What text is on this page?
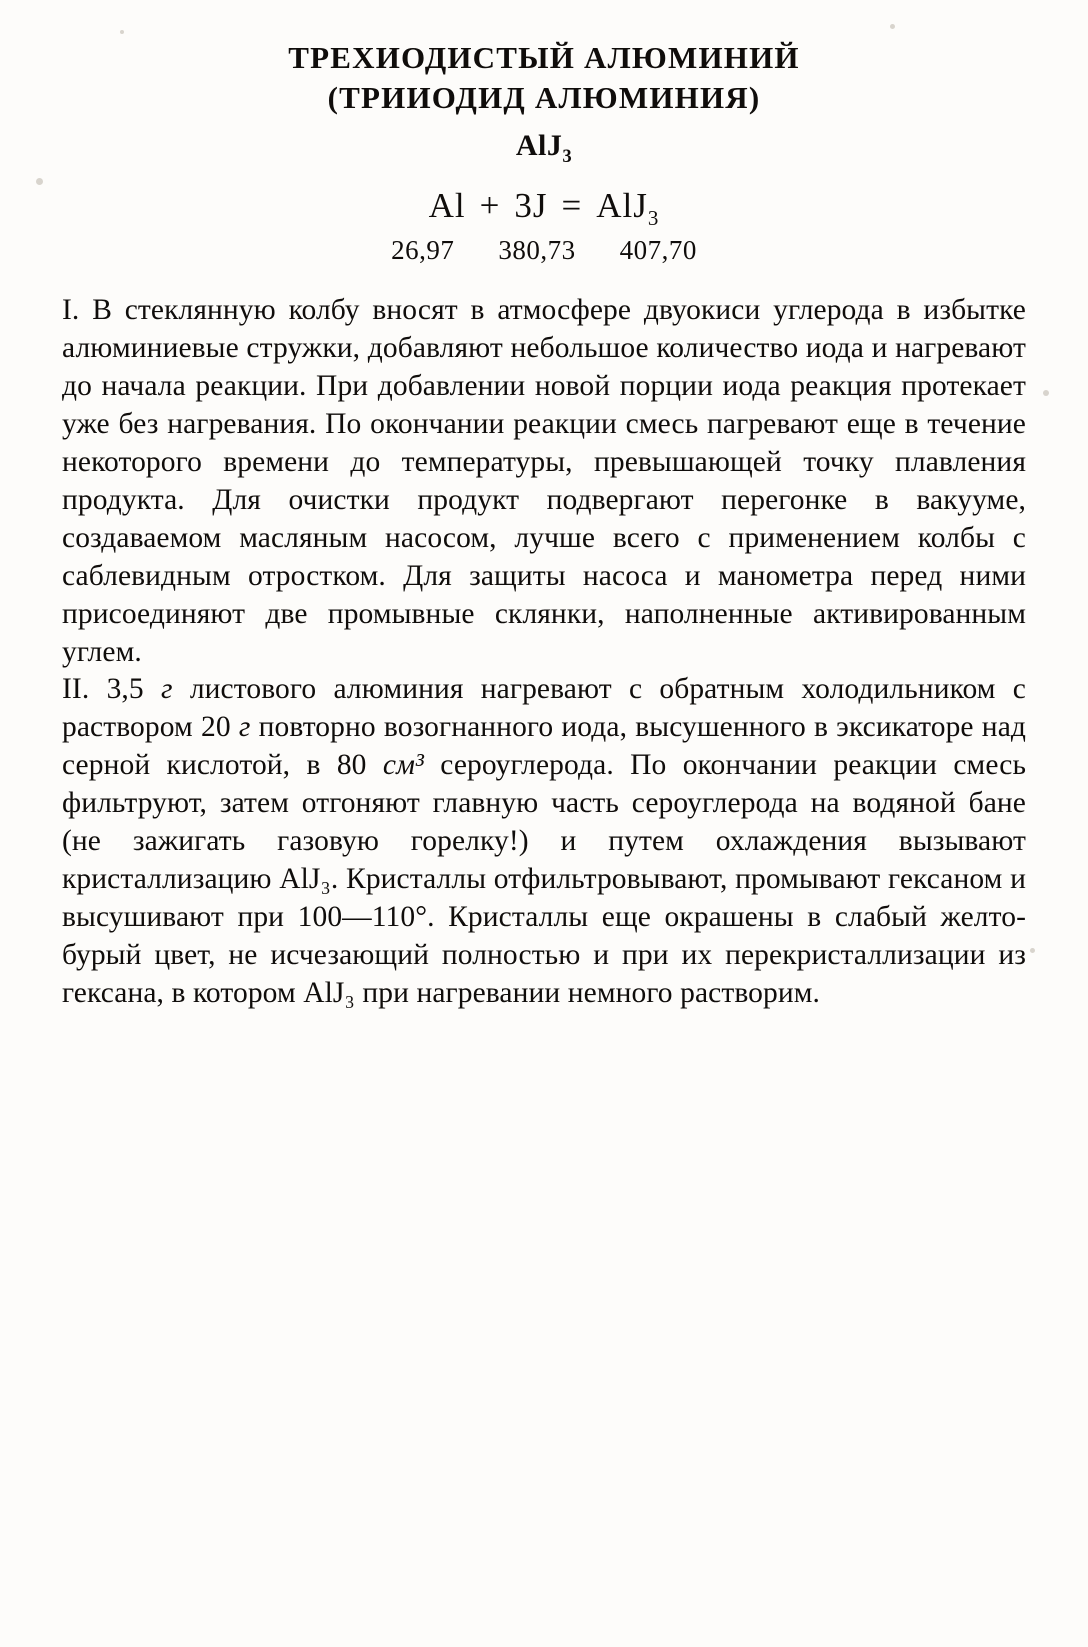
ТРЕХИОДИСТЫЙ АЛЮМИНИЙ
(ТРИИОДИД АЛЮМИНИЯ)
AlJ$_3$
Al + 3J = AlJ$_3$
26,97 380,73 407,70

I. В стеклянную колбу вносят в атмосфере двуокиси углерода в избытке алюминиевые стружки, добавляют небольшое количество иода и нагревают до начала реакции. При добавлении новой порции иода реакция протекает уже без нагревания. По окончании реакции смесь пагревают еще в течение некоторого времени до температуры, превышающей точку плавления продукта. Для очистки продукт подвергают перегонке в вакууме, создаваемом масляным насосом, лучше всего с применением колбы с саблевидным отростком. Для защиты насоса и манометра перед ними присоединяют две промывные склянки, наполненные активированным углем.

II. 3,5 г листового алюминия нагревают с обратным холодильником с раствором 20 г повторно возогнанного иода, высушенного в эксикаторе над серной кислотой, в 80 см³ сероуглерода. По окончании реакции смесь фильтруют, затем отгоняют главную часть сероуглерода на водяной бане (не зажигать газовую горелку!) и путем охлаждения вызывают кристаллизацию AlJ₃. Кристаллы отфильтровывают, промывают гексаном и высушивают при 100—110°. Кристаллы еще окрашены в слабый желто-бурый цвет, не исчезающий полностью и при их перекристаллизации из гексана, в котором AlJ₃ при нагревании немного растворим.
